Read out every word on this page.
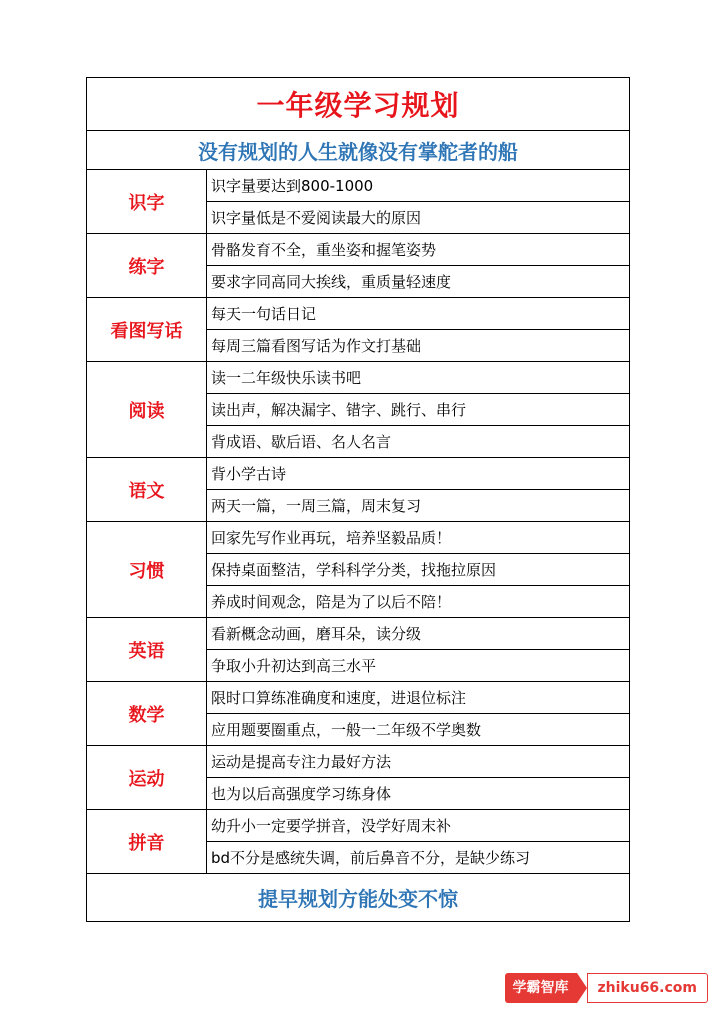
一年级学习规划	
没有规划的人生就像没有掌舵者的船	
识字	识字量要达到800-1000
	识字量低是不爱阅读最大的原因
练字	骨骼发育不全，重坐姿和握笔姿势
	要求字同高同大挨线，重质量轻速度
看图写话	每天一句话日记
	每周三篇看图写话为作文打基础
阅读	读一二年级快乐读书吧
	读出声，解决漏字、错字、跳行、串行
	背成语、歇后语、名人名言
语文	背小学古诗
	两天一篇，一周三篇，周末复习
习惯	回家先写作业再玩，培养坚毅品质！
	保持桌面整洁，学科科学分类，找拖拉原因
	养成时间观念，陪是为了以后不陪！
英语	看新概念动画，磨耳朵，读分级
	争取小升初达到高三水平
数学	限时口算练准确度和速度，进退位标注
	应用题要圈重点，一般一二年级不学奥数
运动	运动是提高专注力最好方法
	也为以后高强度学习练身体
拼音	幼升小一定要学拼音，没学好周末补
	bd不分是感统失调，前后鼻音不分，是缺少练习
提早规划方能处变不惊	
学霸智库	zhiku66.com
